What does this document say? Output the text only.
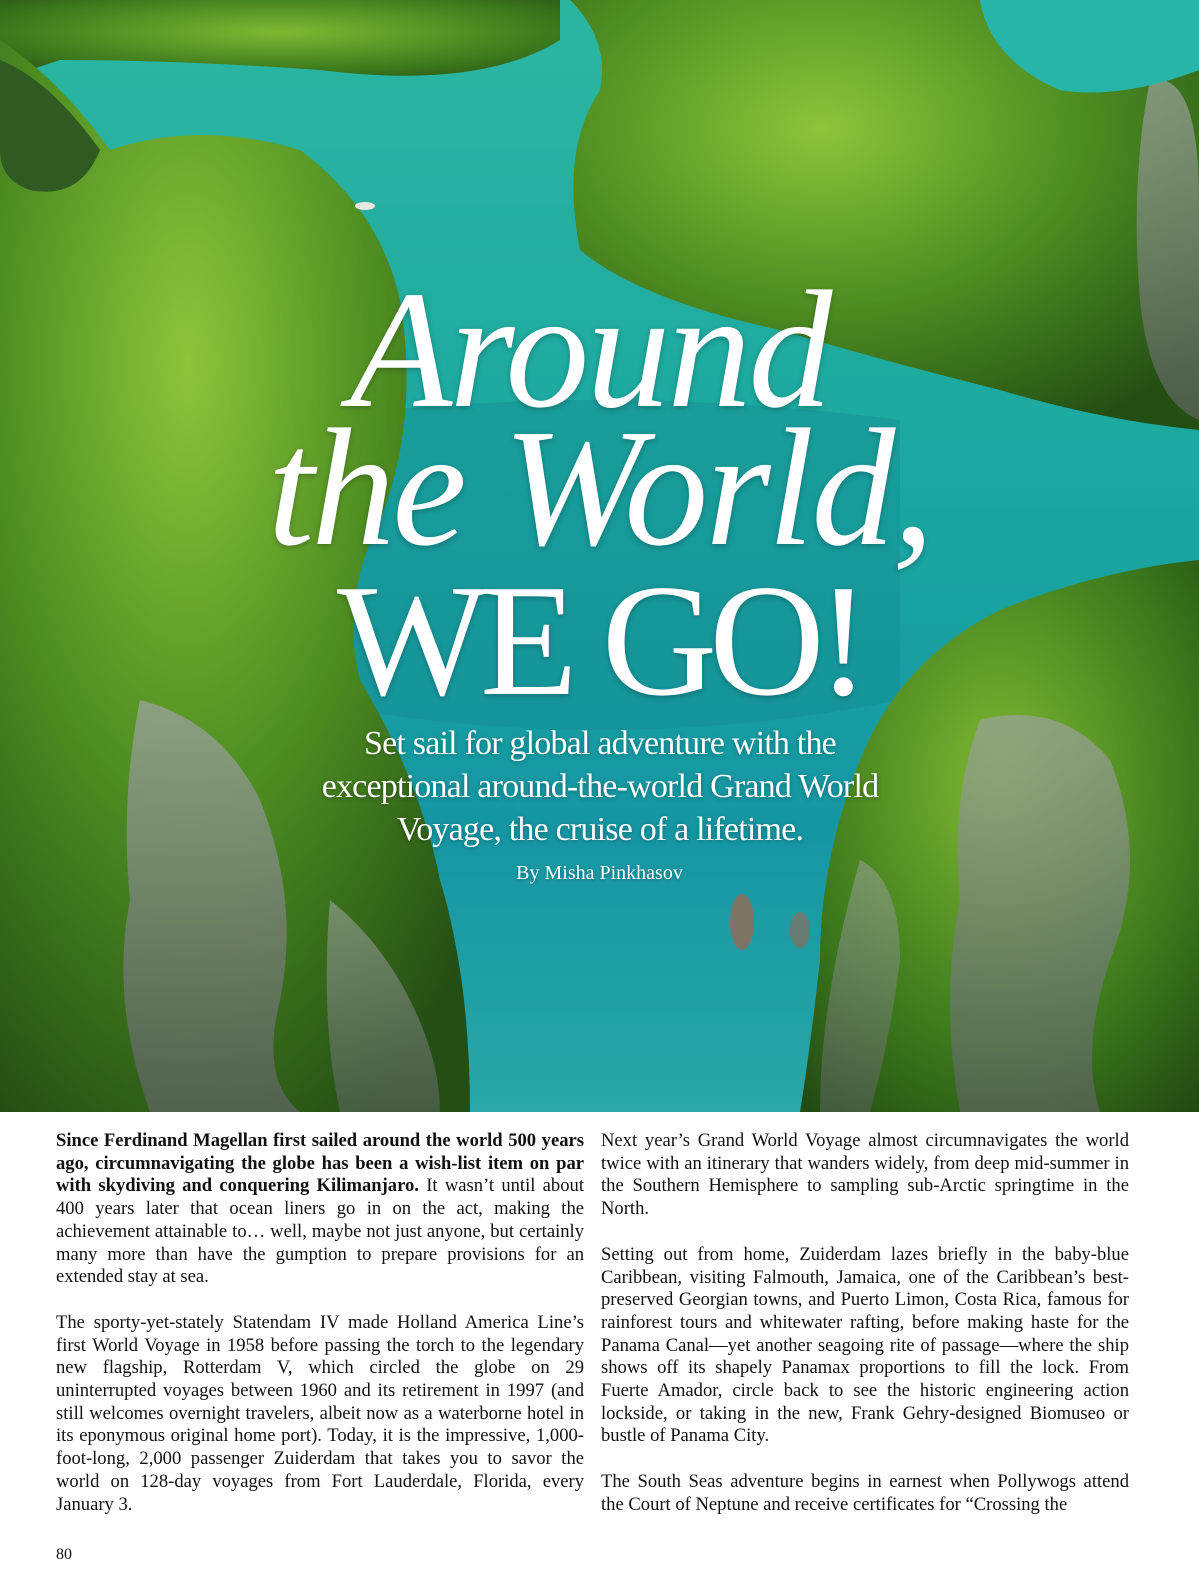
Around
the World,
WE GO!
Set sail for global adventure with the exceptional around-the-world Grand World Voyage, the cruise of a lifetime.
By Misha Pinkhasov

Since Ferdinand Magellan first sailed around the world 500 years ago, circumnavigating the globe has been a wish-list item on par with skydiving and conquering Kilimanjaro. It wasn’t until about 400 years later that ocean liners go in on the act, making the achievement attainable to… well, maybe not just anyone, but certainly many more than have the gumption to prepare provisions for an extended stay at sea.

The sporty-yet-stately Statendam IV made Holland America Line’s first World Voyage in 1958 before passing the torch to the legendary new flagship, Rotterdam V, which circled the globe on 29 uninterrupted voyages between 1960 and its retirement in 1997 (and still welcomes overnight travelers, albeit now as a waterborne hotel in its eponymous original home port). Today, it is the impressive, 1,000-foot-long, 2,000 passenger Zuiderdam that takes you to savor the world on 128-day voyages from Fort Lauderdale, Florida, every January 3.

Next year’s Grand World Voyage almost circumnavigates the world twice with an itinerary that wanders widely, from deep mid-summer in the Southern Hemisphere to sampling sub-Arctic springtime in the North.

Setting out from home, Zuiderdam lazes briefly in the baby-blue Caribbean, visiting Falmouth, Jamaica, one of the Caribbean’s best-preserved Georgian towns, and Puerto Limon, Costa Rica, famous for rainforest tours and whitewater rafting, before making haste for the Panama Canal—yet another seagoing rite of passage—where the ship shows off its shapely Panamax proportions to fill the lock. From Fuerte Amador, circle back to see the historic engineering action lockside, or taking in the new, Frank Gehry-designed Biomuseo or bustle of Panama City.

The South Seas adventure begins in earnest when Pollywogs attend the Court of Neptune and receive certificates for “Crossing the

80
